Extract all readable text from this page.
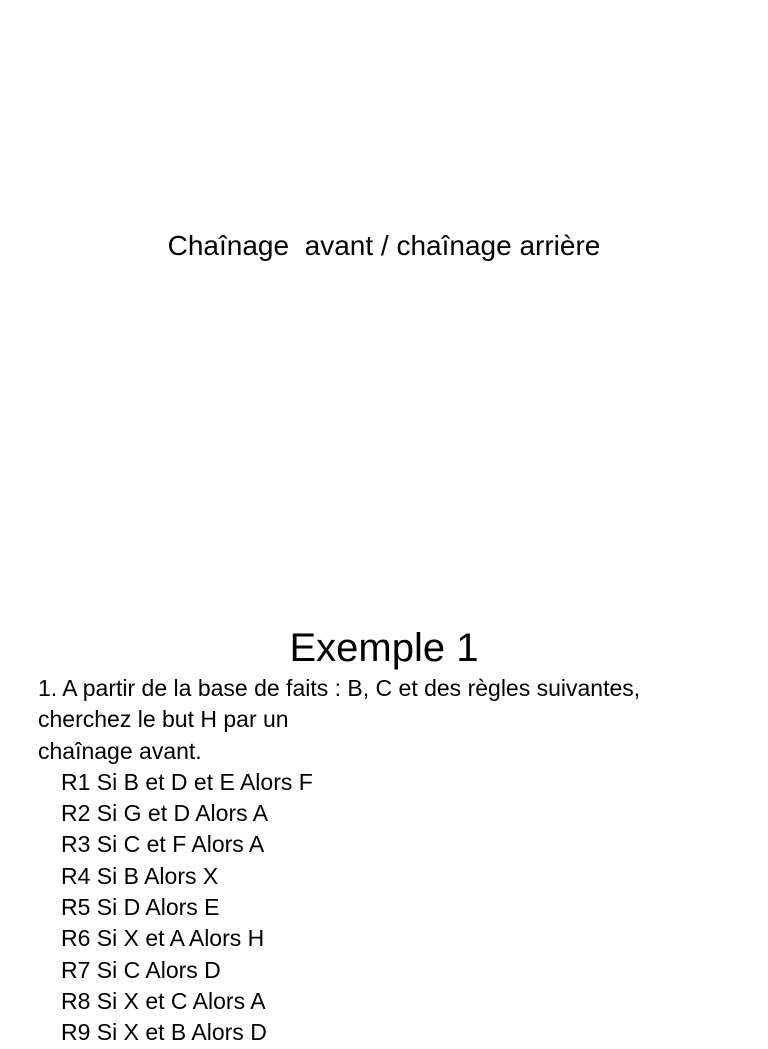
Chaînage  avant / chaînage arrière
Exemple 1
1. A partir de la base de faits : B, C et des règles suivantes,
cherchez le but H par un
chaînage avant.
R1 Si B et D et E Alors F
R2 Si G et D Alors A
R3 Si C et F Alors A
R4 Si B Alors X
R5 Si D Alors E
R6 Si X et A Alors H
R7 Si C Alors D
R8 Si X et C Alors A
R9 Si X et B Alors D
